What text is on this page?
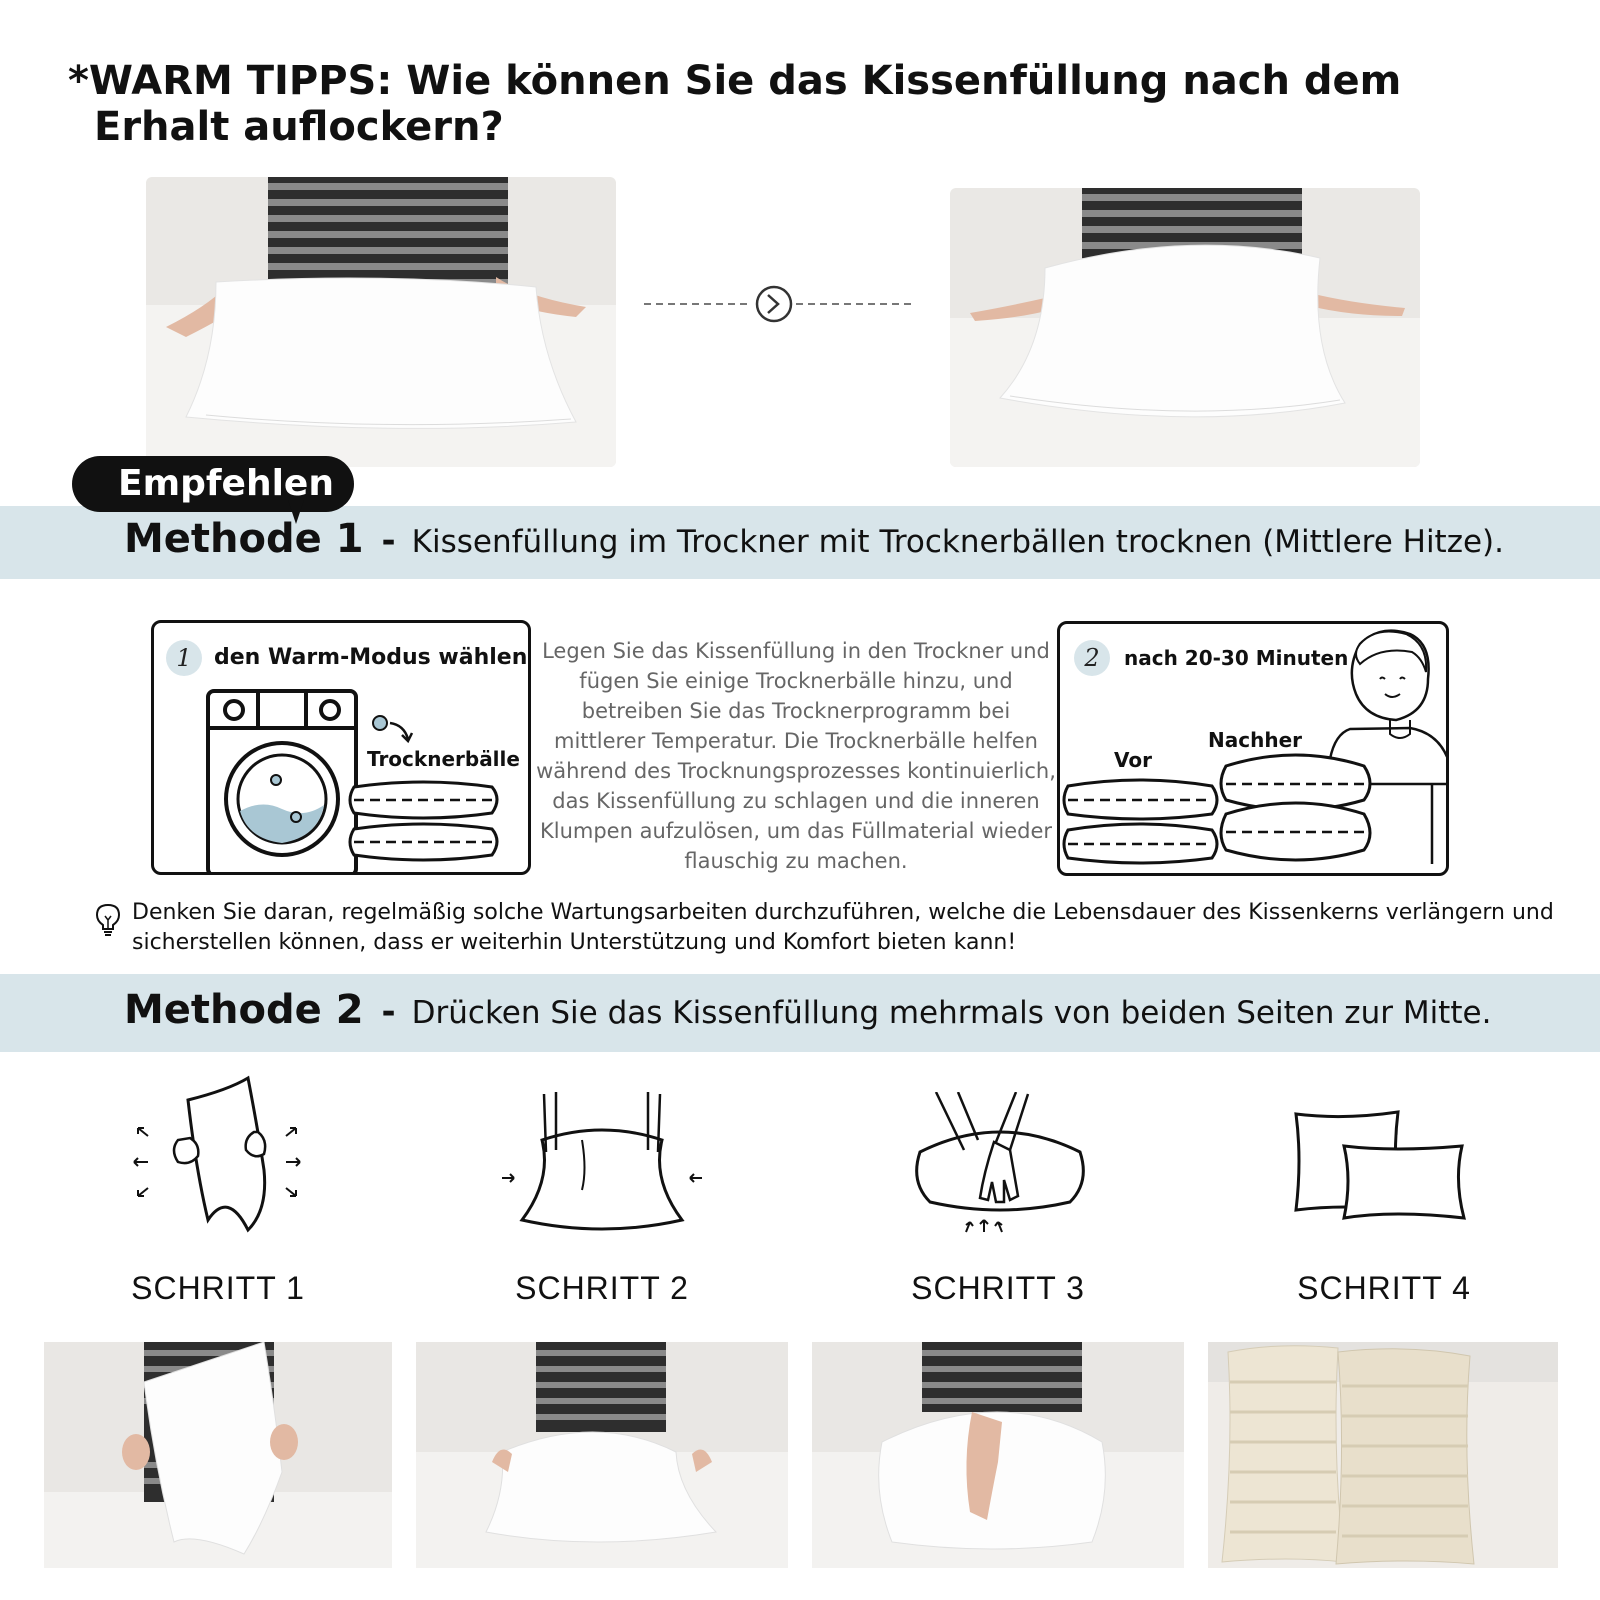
*WARM TIPPS: Wie können Sie das Kissenfüllung nach dem
Erhalt auflockern?
Methode 1 - Kissenfüllung im Trockner mit Trocknerbällen trocknen (Mittlere Hitze).
Empfehlen
1	den Warm-Modus wählen
Trocknerbälle
Legen Sie das Kissenfüllung in den Trockner und fügen Sie einige Trocknerbälle hinzu, und betreiben Sie das Trocknerprogramm bei mittlerer Temperatur. Die Trocknerbälle helfen während des Trocknungsprozesses kontinuierlich, das Kissenfüllung zu schlagen und die inneren Klumpen aufzulösen, um das Füllmaterial wieder flauschig zu machen.
2	nach 20-30 Minuten
Vor
Nachher
Denken Sie daran, regelmäßig solche Wartungsarbeiten durchzuführen, welche die Lebensdauer des Kissenkerns verlängern und sicherstellen können, dass er weiterhin Unterstützung und Komfort bieten kann!
Methode 2 - Drücken Sie das Kissenfüllung mehrmals von beiden Seiten zur Mitte.
SCHRITT 1	SCHRITT 2	SCHRITT 3	SCHRITT 4
